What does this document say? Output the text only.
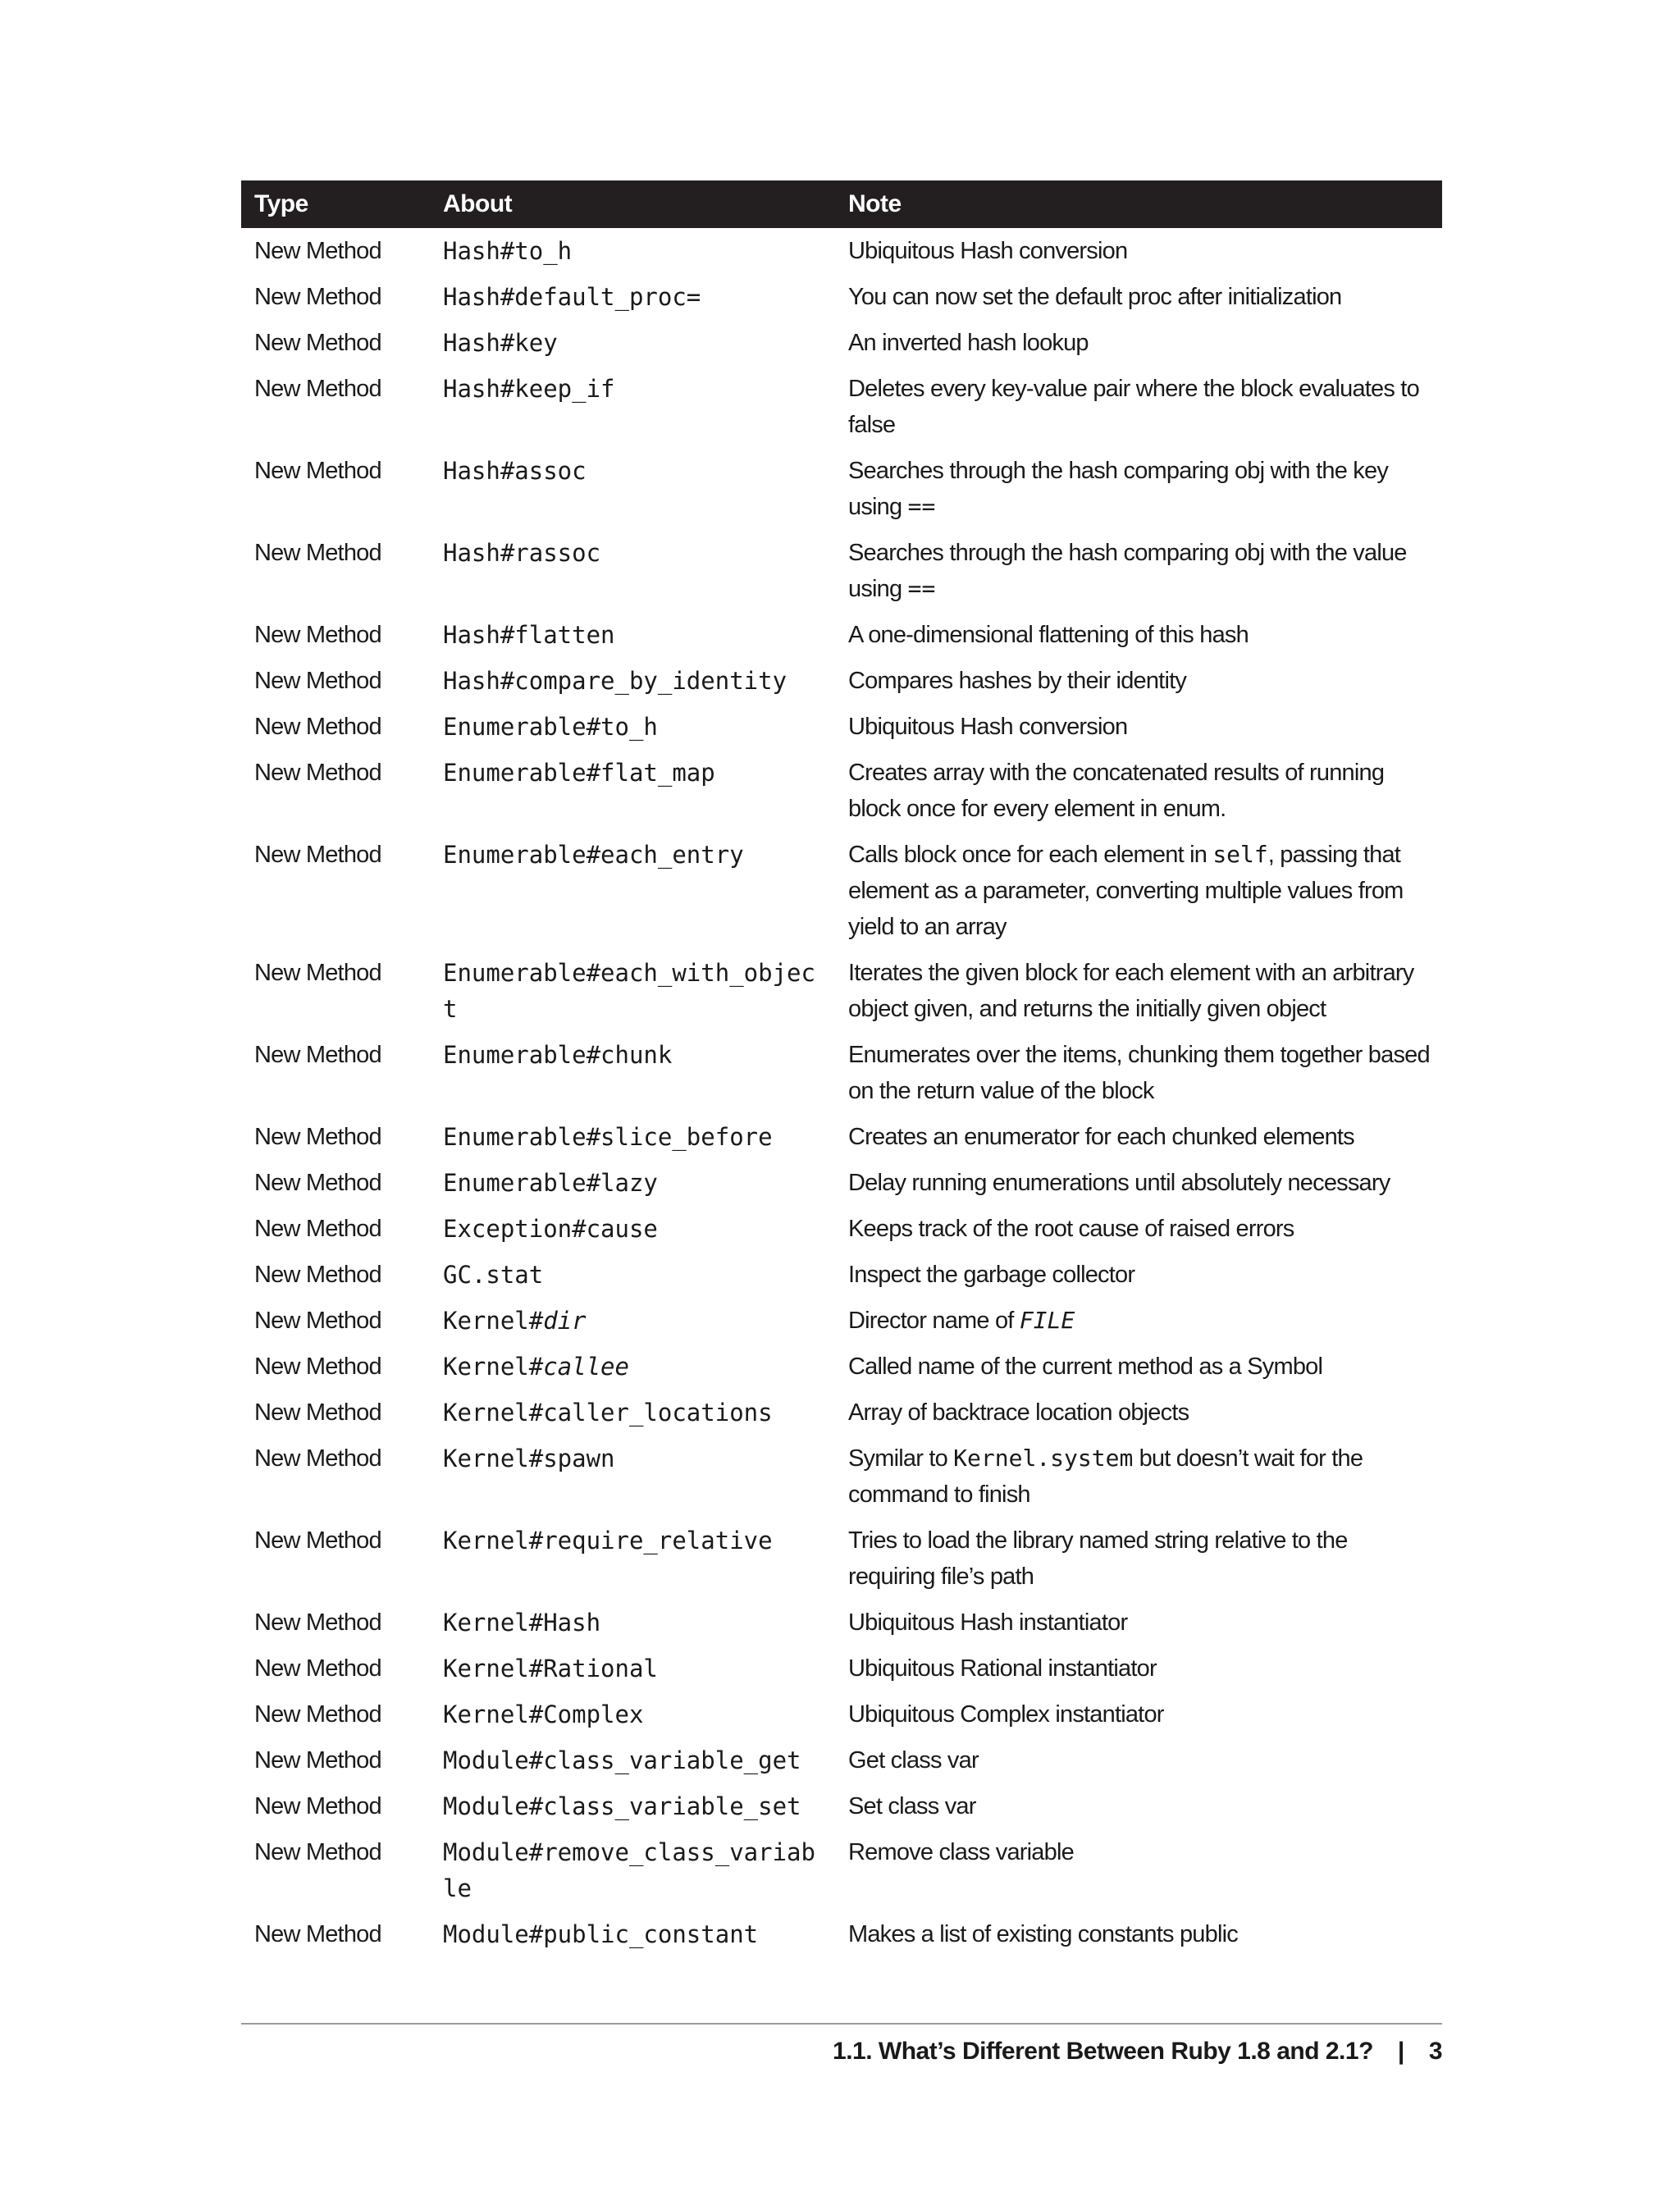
Type	About	Note
New Method	Hash#to_h	Ubiquitous Hash conversion
New Method	Hash#default_proc=	You can now set the default proc after initialization
New Method	Hash#key	An inverted hash lookup
New Method	Hash#keep_if	Deletes every key-value pair where the block evaluates to false
New Method	Hash#assoc	Searches through the hash comparing obj with the key using ==
New Method	Hash#rassoc	Searches through the hash comparing obj with the value using ==
New Method	Hash#flatten	A one-dimensional flattening of this hash
New Method	Hash#compare_by_identity	Compares hashes by their identity
New Method	Enumerable#to_h	Ubiquitous Hash conversion
New Method	Enumerable#flat_map	Creates array with the concatenated results of running block once for every element in enum.
New Method	Enumerable#each_entry	Calls block once for each element in self, passing that element as a parameter, converting multiple values from yield to an array
New Method	Enumerable#each_with_object	Iterates the given block for each element with an arbitrary object given, and returns the initially given object
New Method	Enumerable#chunk	Enumerates over the items, chunking them together based on the return value of the block
New Method	Enumerable#slice_before	Creates an enumerator for each chunked elements
New Method	Enumerable#lazy	Delay running enumerations until absolutely necessary
New Method	Exception#cause	Keeps track of the root cause of raised errors
New Method	GC.stat	Inspect the garbage collector
New Method	Kernel#dir	Director name of FILE
New Method	Kernel#callee	Called name of the current method as a Symbol
New Method	Kernel#caller_locations	Array of backtrace location objects
New Method	Kernel#spawn	Symilar to Kernel.system but doesn’t wait for the command to finish
New Method	Kernel#require_relative	Tries to load the library named string relative to the requiring file’s path
New Method	Kernel#Hash	Ubiquitous Hash instantiator
New Method	Kernel#Rational	Ubiquitous Rational instantiator
New Method	Kernel#Complex	Ubiquitous Complex instantiator
New Method	Module#class_variable_get	Get class var
New Method	Module#class_variable_set	Set class var
New Method	Module#remove_class_variable	Remove class variable
New Method	Module#public_constant	Makes a list of existing constants public
1.1. What’s Different Between Ruby 1.8 and 2.1? | 3
